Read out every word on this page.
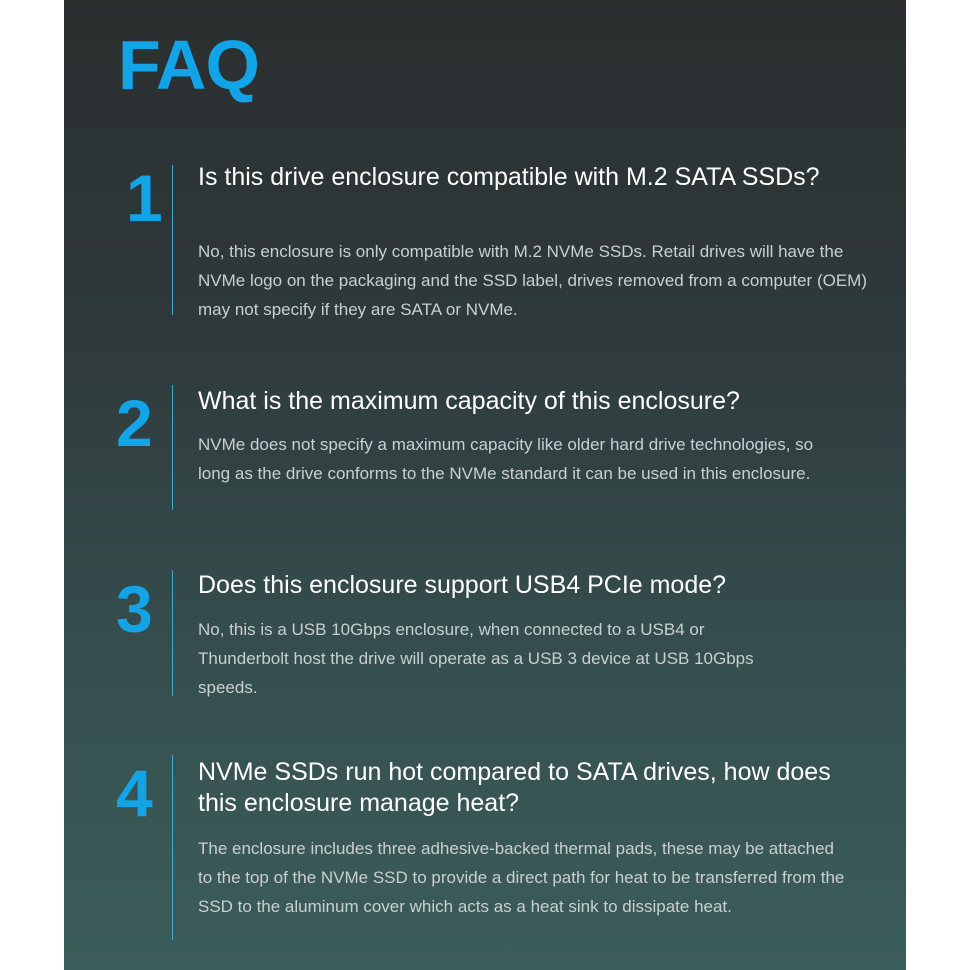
FAQ
1 Is this drive enclosure compatible with M.2 SATA SSDs?

No, this enclosure is only compatible with M.2 NVMe SSDs. Retail drives will have the NVMe logo on the packaging and the SSD label, drives removed from a computer (OEM) may not specify if they are SATA or NVMe.

2 What is the maximum capacity of this enclosure?

NVMe does not specify a maximum capacity like older hard drive technologies, so long as the drive conforms to the NVMe standard it can be used in this enclosure.

3 Does this enclosure support USB4 PCIe mode?

No, this is a USB 10Gbps enclosure, when connected to a USB4 or Thunderbolt host the drive will operate as a USB 3 device at USB 10Gbps speeds.

4 NVMe SSDs run hot compared to SATA drives, how does this enclosure manage heat?

The enclosure includes three adhesive-backed thermal pads, these may be attached to the top of the NVMe SSD to provide a direct path for heat to be transferred from the SSD to the aluminum cover which acts as a heat sink to dissipate heat.
